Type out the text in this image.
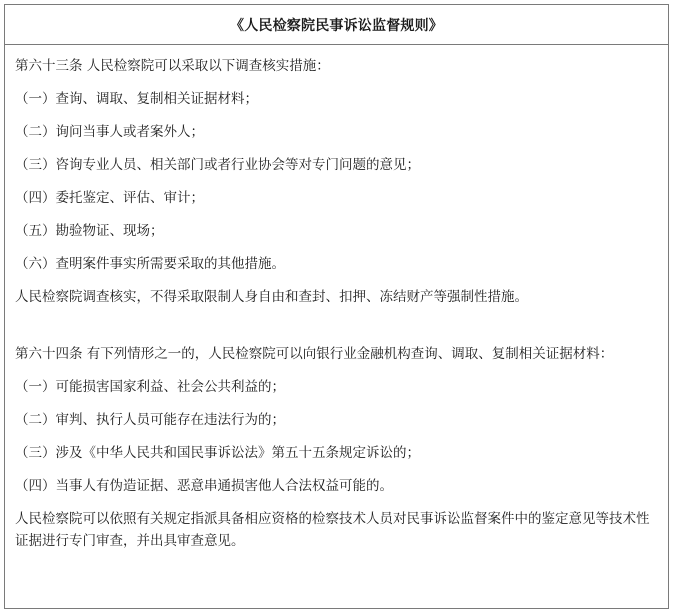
《人民检察院民事诉讼监督规则》

第六十三条 人民检察院可以采取以下调查核实措施：

（一）查询、调取、复制相关证据材料；

（二）询问当事人或者案外人；

（三）咨询专业人员、相关部门或者行业协会等对专门问题的意见；

（四）委托鉴定、评估、审计；

（五）勘验物证、现场；

（六）查明案件事实所需要采取的其他措施。

人民检察院调查核实，不得采取限制人身自由和查封、扣押、冻结财产等强制性措施。

第六十四条 有下列情形之一的，人民检察院可以向银行业金融机构查询、调取、复制相关证据材料：

（一）可能损害国家利益、社会公共利益的；

（二）审判、执行人员可能存在违法行为的；

（三）涉及《中华人民共和国民事诉讼法》第五十五条规定诉讼的；

（四）当事人有伪造证据、恶意串通损害他人合法权益可能的。

人民检察院可以依照有关规定指派具备相应资格的检察技术人员对民事诉讼监督案件中的鉴定意见等技术性证据进行专门审查，并出具审查意见。
